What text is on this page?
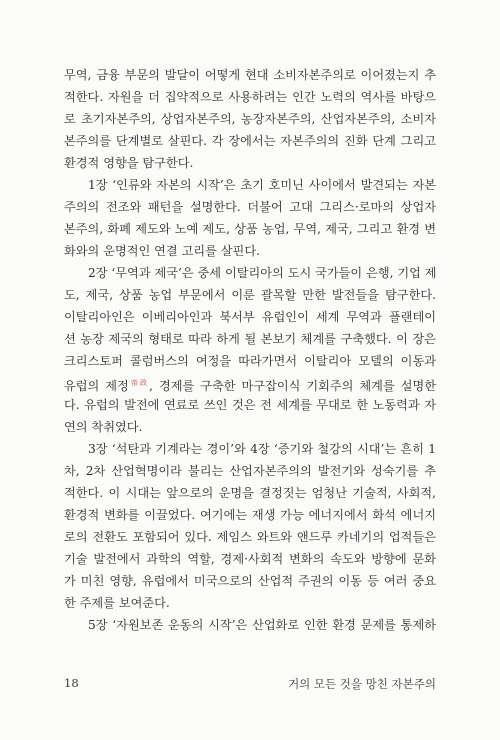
무역, 금융 부문의 발달이 어떻게 현대 소비자본주의로 이어졌는지 추
적한다. 자원을 더 집약적으로 사용하려는 인간 노력의 역사를 바탕으
로 초기자본주의, 상업자본주의, 농장자본주의, 산업자본주의, 소비자
본주의를 단계별로 살핀다. 각 장에서는 자본주의의 진화 단계 그리고
환경적 영향을 탐구한다.
1장 ‘인류와 자본의 시작’은 초기 호미닌 사이에서 발견되는 자본
주의의 전조와 패턴을 설명한다. 더불어 고대 그리스·로마의 상업자
본주의, 화폐 제도와 노예 제도, 상품 농업, 무역, 제국, 그리고 환경 변
화와의 운명적인 연결 고리를 살핀다.
2장 ‘무역과 제국’은 중세 이탈리아의 도시 국가들이 은행, 기업 제
도, 제국, 상품 농업 부문에서 이룬 괄목할 만한 발전들을 탐구한다.
이탈리아인은 이베리아인과 북서부 유럽인이 세계 무역과 플랜테이
션 농장 제국의 형태로 따라 하게 될 본보기 체계를 구축했다. 이 장은
크리스토퍼 콜럼버스의 여정을 따라가면서 이탈리아 모델의 이동과
유럽의 제정$^{帝政}$, 경제를 구축한 마구잡이식 기회주의 체계를 설명한
다. 유럽의 발전에 연료로 쓰인 것은 전 세계를 무대로 한 노동력과 자
연의 착취였다.
3장 ‘석탄과 기계라는 경이’와 4장 ‘증기와 철강의 시대’는 흔히 1
차, 2차 산업혁명이라 불리는 산업자본주의의 발전기와 성숙기를 추
적한다. 이 시대는 앞으로의 운명을 결정짓는 엄청난 기술적, 사회적,
환경적 변화를 이끌었다. 여기에는 재생 가능 에너지에서 화석 에너지
로의 전환도 포함되어 있다. 제임스 와트와 앤드루 카네기의 업적들은
기술 발전에서 과학의 역할, 경제·사회적 변화의 속도와 방향에 문화
가 미친 영향, 유럽에서 미국으로의 산업적 주권의 이동 등 여러 중요
한 주제를 보여준다.
5장 ‘자원보존 운동의 시작’은 산업화로 인한 환경 문제를 통제하
18	거의 모든 것을 망친 자본주의
